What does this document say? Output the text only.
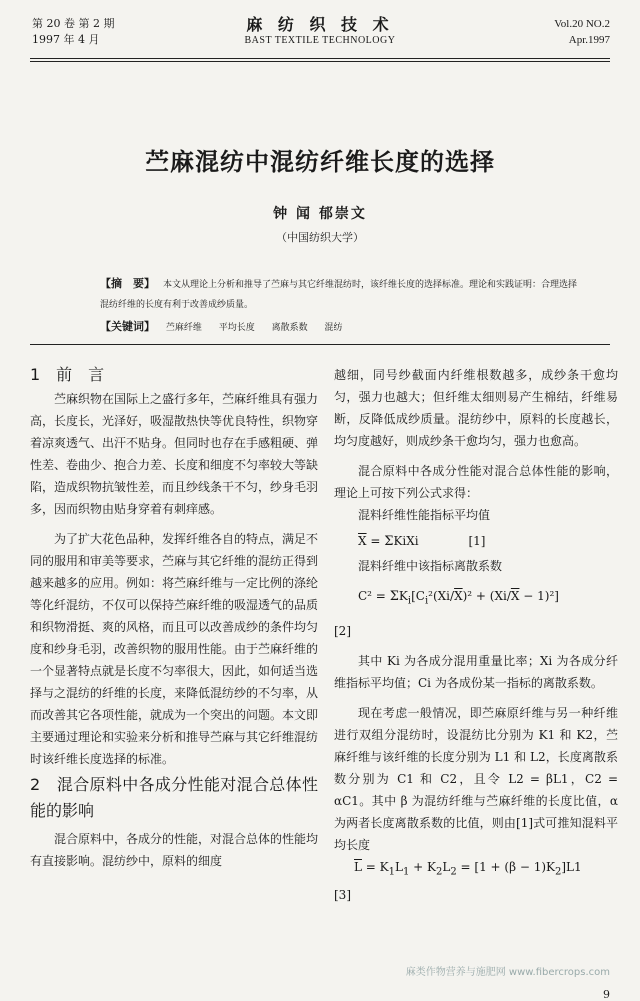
第 20 卷 第 2 期
1997 年 4 月
麻 纺 织 技 术
BAST TEXTILE TECHNOLOGY
Vol.20 NO.2
Apr.1997
苎麻混纺中混纺纤维长度的选择
钟 闻 郁崇文
（中国纺织大学）
【摘　要】 本文从理论上分析和推导了苎麻与其它纤维混纺时，该纤维长度的选择标准。理论和实践证明：合理选择混纺纤维的长度有利于改善成纱质量。
【关键词】 苎麻纤维 平均长度 离散系数 混纺
1　前　言

苎麻织物在国际上之盛行多年，苎麻纤维具有强力高，长度长，光泽好，吸湿散热快等优良特性，织物穿着凉爽透气、出汗不贴身。但同时也存在手感粗硬、弹性差、卷曲少、抱合力差、长度和细度不匀率较大等缺陷，造成织物抗皱性差，而且纱线条干不匀，纱身毛羽多，因而织物由贴身穿着有刺痒感。

为了扩大花色品种，发挥纤维各自的特点，满足不同的服用和审美等要求，苎麻与其它纤维的混纺正得到越来越多的应用。例如：将苎麻纤维与一定比例的涤纶等化纤混纺，不仅可以保持苎麻纤维的吸湿透气的品质和织物滑挺、爽的风格，而且可以改善成纱的条件均匀度和纱身毛羽，改善织物的服用性能。由于苎麻纤维的一个显著特点就是长度不匀率很大，因此，如何适当选择与之混纺的纤维的长度，来降低混纺纱的不匀率，从而改善其它各项性能，就成为一个突出的问题。本文即主要通过理论和实验来分析和推导苎麻与其它纤维混纺时该纤维长度选择的标准。

2　混合原料中各成分性能对混合总体性能的影响

混合原料中，各成分的性能，对混合总体的性能均有直接影响。混纺纱中，原料的细度

越细，同号纱截面内纤维根数越多，成纱条干愈均匀，强力也越大；但纤维太细则易产生棉结，纤维易断，反降低成纱质量。混纺纱中，原料的长度越长，均匀度越好，则成纱条干愈均匀，强力也愈高。

混合原料中各成分性能对混合总体性能的影响，理论上可按下列公式求得：

混料纤维性能指标平均值
$\overline{X}$ = ΣKiXi	[1]
混料纤维中该指标离散系数
$C^2 = \Sigma K_i[C_i^2(Xi/\overline{X})^2 + (Xi/\overline{X} - 1)^2]$
[2]

其中 Ki 为各成分混用重量比率；Xi 为各成分纤维指标平均值；Ci 为各成份某一指标的离散系数。

现在考虑一般情况，即苎麻原纤维与另一种纤维进行双组分混纺时，设混纺比分别为 K1 和 K2，苎麻纤维与该纤维的长度分别为 L1 和 L2，长度离散系数分别为 C1 和 C2，且令 L2 = βL1，C2 = αC1。其中 β 为混纺纤维与苎麻纤维的长度比值，α 为两者长度离散系数的比值，则由[1]式可推知混料平均长度

$\overline{L} = K_1L_1 + K_2L_2 = [1 + (\beta - 1)K_2]L1$
[3]
麻类作物营养与施肥网 www.fibercrops.com
9
